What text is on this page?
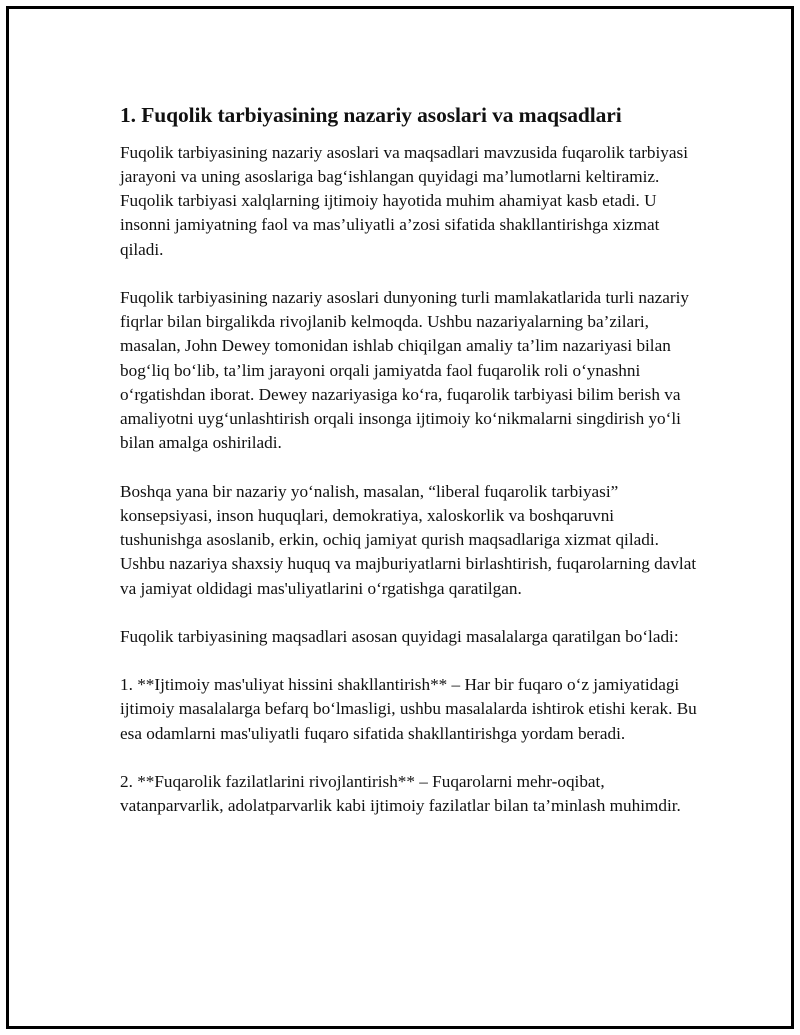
1. Fuqolik tarbiyasining nazariy asoslari va maqsadlari

Fuqolik tarbiyasining nazariy asoslari va maqsadlari mavzusida fuqarolik tarbiyasi jarayoni va uning asoslariga bag‘ishlangan quyidagi ma’lumotlarni keltiramiz. Fuqolik tarbiyasi xalqlarning ijtimoiy hayotida muhim ahamiyat kasb etadi. U insonni jamiyatning faol va mas’uliyatli a’zosi sifatida shakllantirishga xizmat qiladi.

Fuqolik tarbiyasining nazariy asoslari dunyoning turli mamlakatlarida turli nazariy fiqrlar bilan birgalikda rivojlanib kelmoqda. Ushbu nazariyalarning ba’zilari, masalan, John Dewey tomonidan ishlab chiqilgan amaliy ta’lim nazariyasi bilan bog‘liq bo‘lib, ta’lim jarayoni orqali jamiyatda faol fuqarolik roli o‘ynashni o‘rgatishdan iborat. Dewey nazariyasiga ko‘ra, fuqarolik tarbiyasi bilim berish va amaliyotni uyg‘unlashtirish orqali insonga ijtimoiy ko‘nikmalarni singdirish yo‘li bilan amalga oshiriladi.

Boshqa yana bir nazariy yo‘nalish, masalan, “liberal fuqarolik tarbiyasi” konsepsiyasi, inson huquqlari, demokratiya, xaloskorlik va boshqaruvni tushunishga asoslanib, erkin, ochiq jamiyat qurish maqsadlariga xizmat qiladi. Ushbu nazariya shaxsiy huquq va majburiyatlarni birlashtirish, fuqarolarning davlat va jamiyat oldidagi mas'uliyatlarini o‘rgatishga qaratilgan.

Fuqolik tarbiyasining maqsadlari asosan quyidagi masalalarga qaratilgan bo‘ladi:

1. **Ijtimoiy mas'uliyat hissini shakllantirish** – Har bir fuqaro o‘z jamiyatidagi ijtimoiy masalalarga befarq bo‘lmasligi, ushbu masalalarda ishtirok etishi kerak. Bu esa odamlarni mas'uliyatli fuqaro sifatida shakllantirishga yordam beradi.

2. **Fuqarolik fazilatlarini rivojlantirish** – Fuqarolarni mehr-oqibat, vatanparvarlik, adolatparvarlik kabi ijtimoiy fazilatlar bilan ta’minlash muhimdir.
